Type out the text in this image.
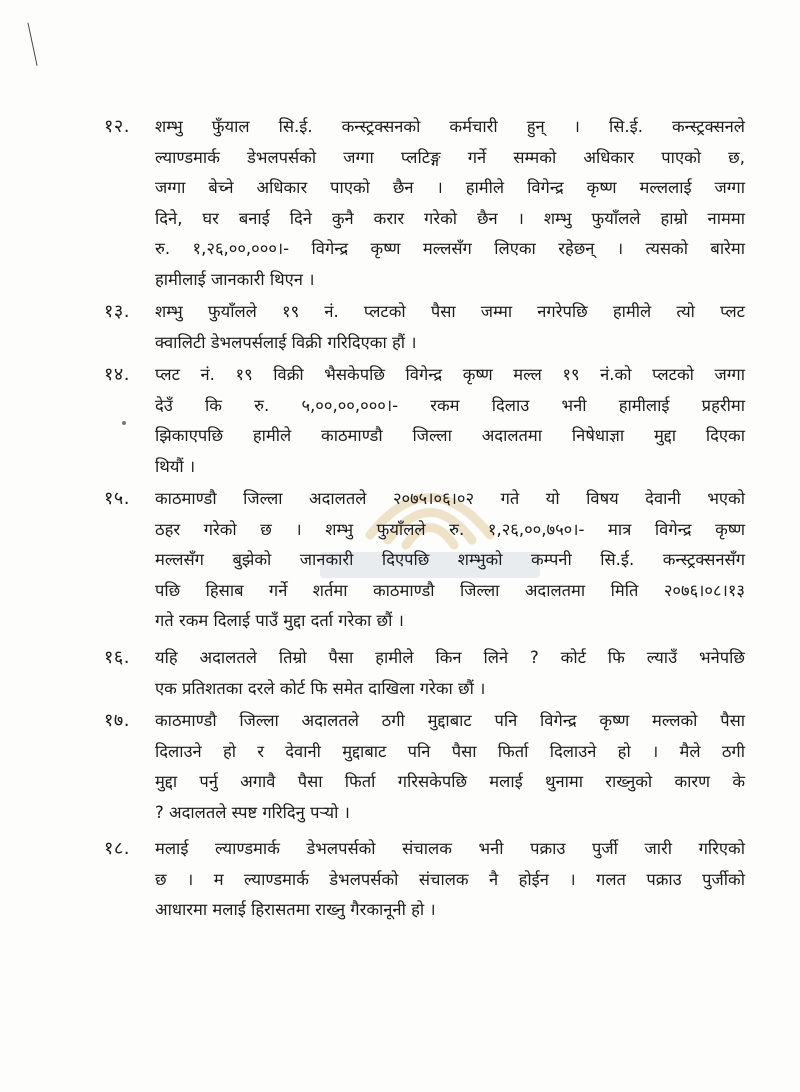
१२. शम्भु फुँयाल सि.ई. कन्स्ट्रक्सनको कर्मचारी हुन् । सि.ई. कन्स्ट्रक्सनले
ल्याण्डमार्क डेभलपर्सको जग्गा प्लटिङ्ग गर्ने सम्मको अधिकार पाएको छ,
जग्गा बेच्ने अधिकार पाएको छैन । हामीले विगेन्द्र कृष्ण मल्ललाई जग्गा
दिने, घर बनाई दिने कुनै करार गरेको छैन । शम्भु फुयाँलले हाम्रो नाममा
रु. १,२६,००,०००।- विगेन्द्र कृष्ण मल्लसँग लिएका रहेछन् । त्यसको बारेमा
हामीलाई जानकारी थिएन ।
१३. शम्भु फुयाँलले १९ नं. प्लटको पैसा जम्मा नगरेपछि हामीले त्यो प्लट
क्वालिटी डेभलपर्सलाई विक्री गरिदिएका हौं ।
१४. प्लट नं. १९ विक्री भैसकेपछि विगेन्द्र कृष्ण मल्ल १९ नं.को प्लटको जग्गा
देउँ कि रु. ५,००,००,०००।- रकम दिलाउ भनी हामीलाई प्रहरीमा
झिकाएपछि हामीले काठमाण्डौ जिल्ला अदालतमा निषेधाज्ञा मुद्दा दिएका
थियौं ।
१५. काठमाण्डौ जिल्ला अदालतले २०७५।०६।०२ गते यो विषय देवानी भएको
ठहर गरेको छ । शम्भु फुयाँलले रु. १,२६,००,७५०।- मात्र विगेन्द्र कृष्ण
मल्लसँग बुझेको जानकारी दिएपछि शम्भुको कम्पनी सि.ई. कन्स्ट्रक्सनसँग
पछि हिसाब गर्ने शर्तमा काठमाण्डौ जिल्ला अदालतमा मिति २०७६।०८।१३
गते रकम दिलाई पाउँ मुद्दा दर्ता गरेका छौं ।
१६. यहि अदालतले तिम्रो पैसा हामीले किन लिने ? कोर्ट फि ल्याउँ भनेपछि
एक प्रतिशतका दरले कोर्ट फि समेत दाखिला गरेका छौं ।
१७. काठमाण्डौ जिल्ला अदालतले ठगी मुद्दाबाट पनि विगेन्द्र कृष्ण मल्लको पैसा
दिलाउने हो र देवानी मुद्दाबाट पनि पैसा फिर्ता दिलाउने हो । मैले ठगी
मुद्दा पर्नु अगावै पैसा फिर्ता गरिसकेपछि मलाई थुनामा राख्नुको कारण के
? अदालतले स्पष्ट गरिदिनु पऱ्यो ।
१८. मलाई ल्याण्डमार्क डेभलपर्सको संचालक भनी पक्राउ पुर्जी जारी गरिएको
छ । म ल्याण्डमार्क डेभलपर्सको संचालक नै होईन । गलत पक्राउ पुर्जीको
आधारमा मलाई हिरासतमा राख्नु गैरकानूनी हो ।
